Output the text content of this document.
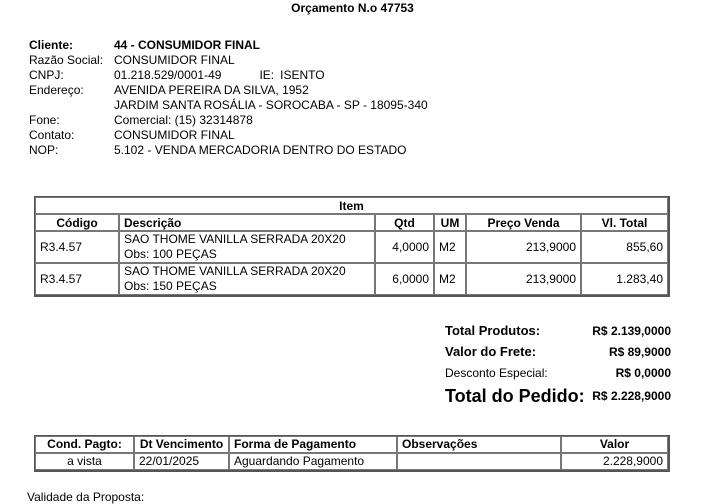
Orçamento N.o 47753
Cliente:	44 - CONSUMIDOR FINAL
Razão Social: CONSUMIDOR FINAL
CNPJ:	01.218.529/0001-49	IE: ISENTO
Endereço:	AVENIDA PEREIRA DA SILVA, 1952
JARDIM SANTA ROSÁLIA - SOROCABA - SP - 18095-340
Fone:	Comercial: (15) 32314878
Contato:	CONSUMIDOR FINAL
NOP:	5.102 - VENDA MERCADORIA DENTRO DO ESTADO
Item					
Código	Descrição	Qtd	UM	Preço Venda	Vl. Total
R3.4.57	SAO THOME VANILLA SERRADA 20X20
Obs: 100 PEÇAS	4,0000	M2	213,9000	855,60
R3.4.57	SAO THOME VANILLA SERRADA 20X20
Obs: 150 PEÇAS	6,0000	M2	213,9000	1.283,40
Total Produtos:	R$ 2.139,0000
Valor do Frete:	R$ 89,9000
Desconto Especial:	R$ 0,0000
Total do Pedido: R$ 2.228,9000
Cond. Pagto:	Dt Vencimento	Forma de Pagamento	Observações	Valor
a vista	22/01/2025	Aguardando Pagamento		2.228,9000
Validade da Proposta:
